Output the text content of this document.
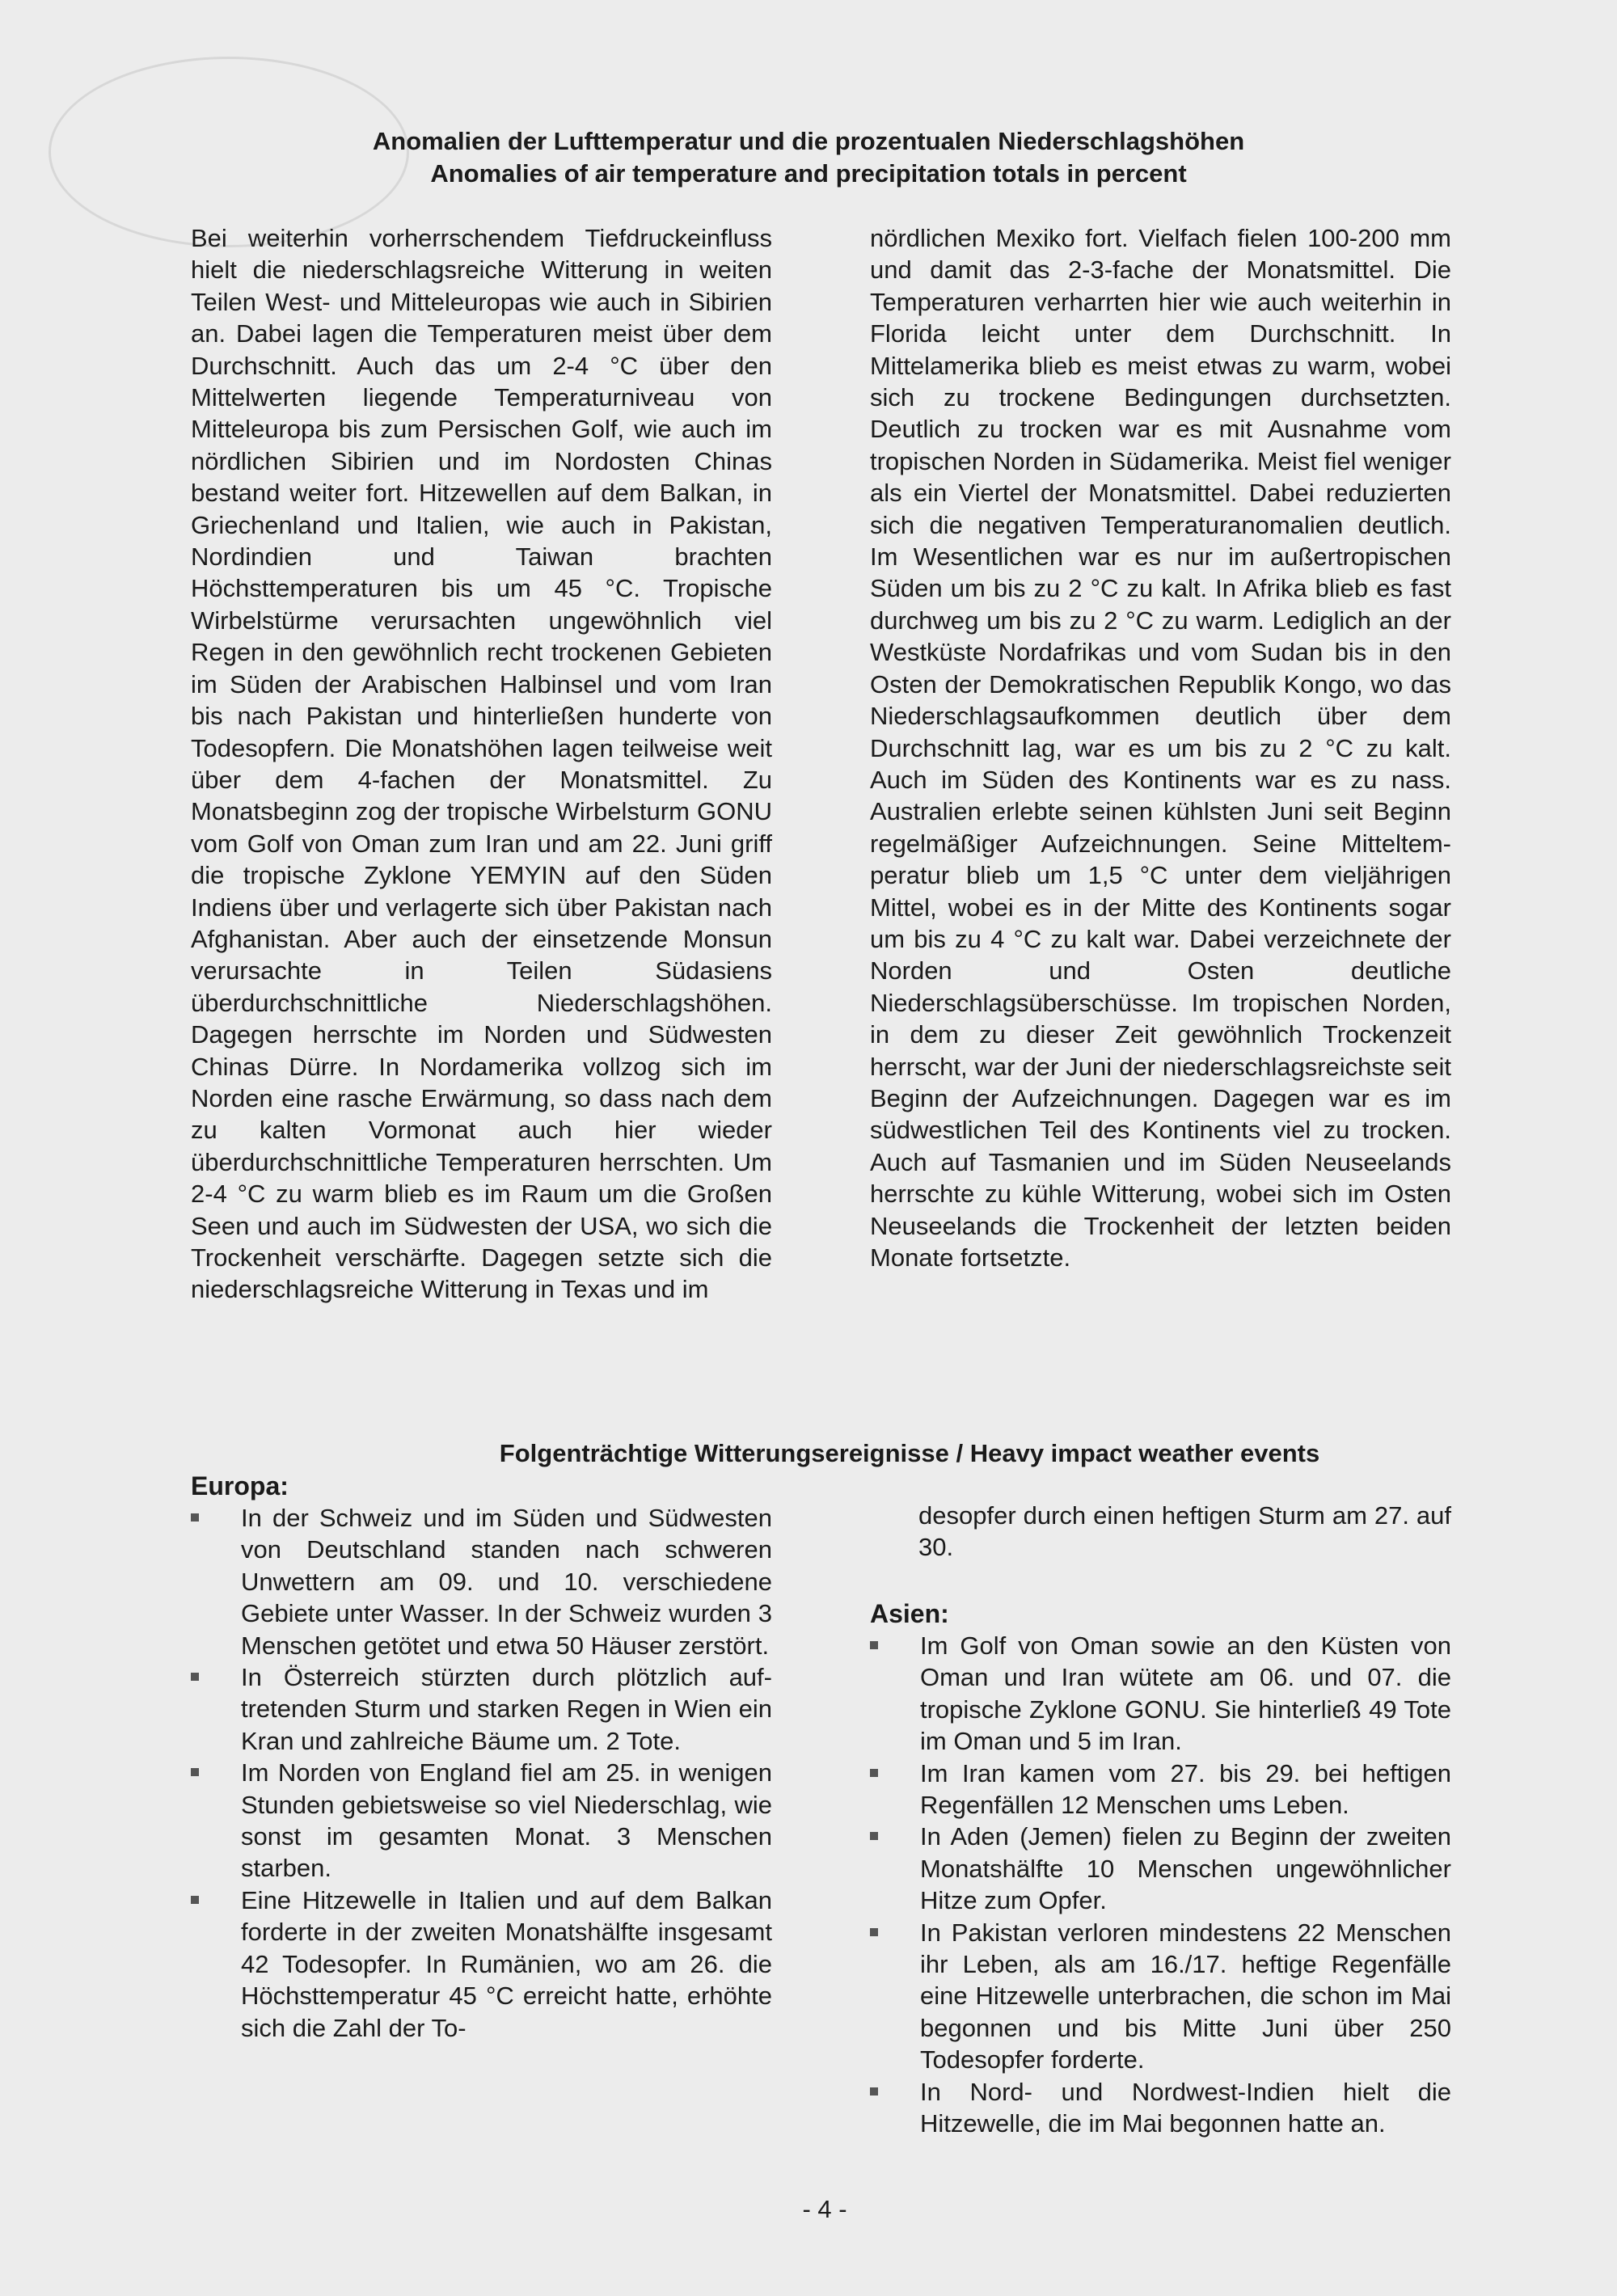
Anomalien der Lufttemperatur und die prozentualen Niederschlagshöhen
Anomalies of air temperature and precipitation totals in percent

Bei weiterhin vorherrschendem Tiefdruckeinfluss hielt die niederschlagsreiche Witterung in weiten Teilen West- und Mitteleuropas wie auch in Sibirien an. Dabei lagen die Temperaturen meist über dem Durchschnitt. Auch das um 2-4 °C über den Mittelwerten liegende Temperaturniveau von Mitteleuropa bis zum Persischen Golf, wie auch im nördlichen Sibirien und im Nordosten Chinas bestand weiter fort. Hitzewellen auf dem Balkan, in Griechenland und Italien, wie auch in Pakistan, Nordindien und Taiwan brachten Höchsttemperaturen bis um 45 °C. Tropische Wirbelstürme verursachten ungewöhnlich viel Regen in den gewöhnlich recht trockenen Gebieten im Süden der Arabischen Halbinsel und vom Iran bis nach Pakistan und hinterließen hunderte von Todesopfern. Die Monatshöhen lagen teilweise weit über dem 4-fachen der Monatsmittel. Zu Monatsbeginn zog der tropische Wirbelsturm GONU vom Golf von Oman zum Iran und am 22. Juni griff die tropische Zyklone YEMYIN auf den Süden Indiens über und verlagerte sich über Pakistan nach Afghanistan. Aber auch der einsetzende Monsun verursachte in Teilen Südasiens überdurchschnittliche Niederschlagshöhen. Dagegen herrschte im Norden und Südwesten Chinas Dürre. In Nordamerika vollzog sich im Norden eine rasche Erwärmung, so dass nach dem zu kalten Vormonat auch hier wieder überdurchschnittliche Temperaturen herrschten. Um 2-4 °C zu warm blieb es im Raum um die Großen Seen und auch im Südwesten der USA, wo sich die Trockenheit verschärfte. Dagegen setzte sich die niederschlagsreiche Witterung in Texas und im

nördlichen Mexiko fort. Vielfach fielen 100-200 mm und damit das 2-3-fache der Monatsmittel. Die Temperaturen verharrten hier wie auch weiterhin in Florida leicht unter dem Durchschnitt. In Mittelamerika blieb es meist etwas zu warm, wobei sich zu trockene Bedingungen durchsetzten. Deutlich zu trocken war es mit Ausnahme vom tropischen Norden in Südamerika. Meist fiel weniger als ein Viertel der Monatsmittel. Dabei reduzierten sich die negativen Temperaturanomalien deutlich. Im Wesentlichen war es nur im außertropischen Süden um bis zu 2 °C zu kalt. In Afrika blieb es fast durchweg um bis zu 2 °C zu warm. Lediglich an der Westküste Nordafrikas und vom Sudan bis in den Osten der Demokratischen Republik Kongo, wo das Niederschlagsaufkommen deutlich über dem Durchschnitt lag, war es um bis zu 2 °C zu kalt. Auch im Süden des Kontinents war es zu nass. Australien erlebte seinen kühlsten Juni seit Beginn regelmäßiger Aufzeichnungen. Seine Mitteltemperatur blieb um 1,5 °C unter dem vieljährigen Mittel, wobei es in der Mitte des Kontinents sogar um bis zu 4 °C zu kalt war. Dabei verzeichnete der Norden und Osten deutliche Niederschlagsüberschüsse. Im tropischen Norden, in dem zu dieser Zeit gewöhnlich Trockenzeit herrscht, war der Juni der niederschlagsreichste seit Beginn der Aufzeichnungen. Dagegen war es im südwestlichen Teil des Kontinents viel zu trocken. Auch auf Tasmanien und im Süden Neuseelands herrschte zu kühle Witterung, wobei sich im Osten Neuseelands die Trockenheit der letzten beiden Monate fortsetzte.

Folgenträchtige Witterungsereignisse / Heavy impact weather events
Europa:
In der Schweiz und im Süden und Südwesten von Deutschland standen nach schweren Unwettern am 09. und 10. verschiedene Gebiete unter Wasser. In der Schweiz wurden 3 Menschen getötet und etwa 50 Häuser zerstört.
In Österreich stürzten durch plötzlich auftretenden Sturm und starken Regen in Wien ein Kran und zahlreiche Bäume um. 2 Tote.
Im Norden von England fiel am 25. in wenigen Stunden gebietsweise so viel Niederschlag, wie sonst im gesamten Monat. 3 Menschen starben.
Eine Hitzewelle in Italien und auf dem Balkan forderte in der zweiten Monatshälfte insgesamt 42 Todesopfer. In Rumänien, wo am 26. die Höchsttemperatur 45 °C erreicht hatte, erhöhte sich die Zahl der To-

desopfer durch einen heftigen Sturm am 27. auf 30.

Asien:
Im Golf von Oman sowie an den Küsten von Oman und Iran wütete am 06. und 07. die tropische Zyklone GONU. Sie hinterließ 49 Tote im Oman und 5 im Iran.
Im Iran kamen vom 27. bis 29. bei heftigen Regenfällen 12 Menschen ums Leben.
In Aden (Jemen) fielen zu Beginn der zweiten Monatshälfte 10 Menschen ungewöhnlicher Hitze zum Opfer.
In Pakistan verloren mindestens 22 Menschen ihr Leben, als am 16./17. heftige Regenfälle eine Hitzewelle unterbrachen, die schon im Mai begonnen und bis Mitte Juni über 250 Todesopfer forderte.
In Nord- und Nordwest-Indien hielt die Hitzewelle, die im Mai begonnen hatte an.
- 4 -
